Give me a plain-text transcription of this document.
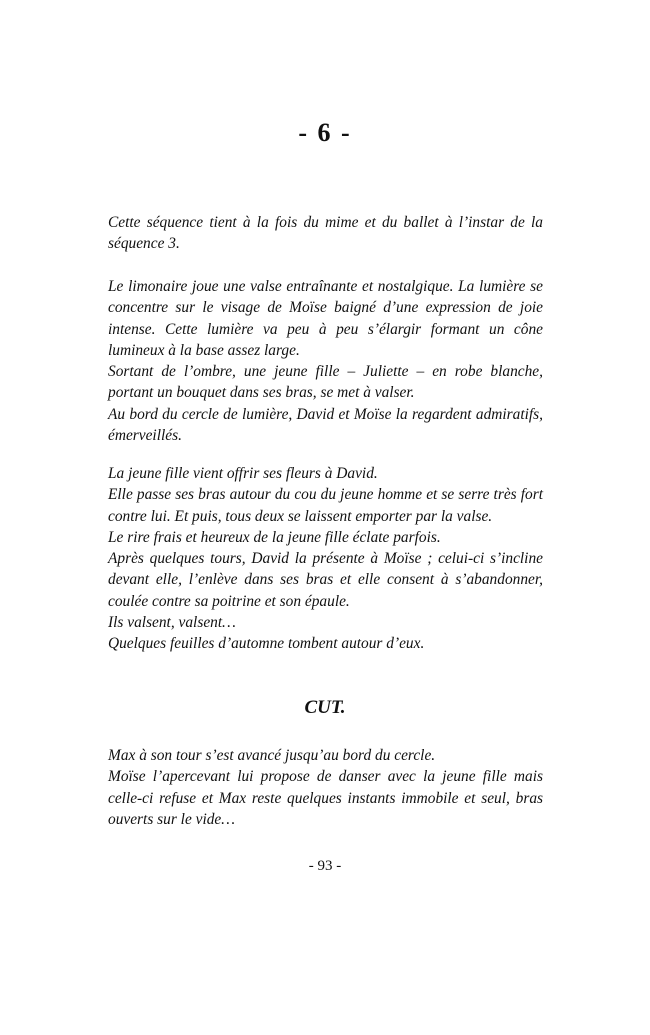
- 6 -

Cette séquence tient à la fois du mime et du ballet à l’instar de la séquence 3.

Le limonaire joue une valse entraînante et nostalgique. La lumière se concentre sur le visage de Moïse baigné d’une expression de joie intense. Cette lumière va peu à peu s’élargir formant un cône lumineux à la base assez large.

Sortant de l’ombre, une jeune fille – Juliette – en robe blanche, portant un bouquet dans ses bras, se met à valser.

Au bord du cercle de lumière, David et Moïse la regardent admiratifs, émerveillés.

La jeune fille vient offrir ses fleurs à David.

Elle passe ses bras autour du cou du jeune homme et se serre très fort contre lui. Et puis, tous deux se laissent emporter par la valse.

Le rire frais et heureux de la jeune fille éclate parfois.

Après quelques tours, David la présente à Moïse ; celui-ci s’incline devant elle, l’enlève dans ses bras et elle consent à s’abandonner, coulée contre sa poitrine et son épaule.

Ils valsent, valsent…

Quelques feuilles d’automne tombent autour d’eux.

CUT.

Max à son tour s’est avancé jusqu’au bord du cercle.

Moïse l’apercevant lui propose de danser avec la jeune fille mais celle-ci refuse et Max reste quelques instants immobile et seul, bras ouverts sur le vide…

- 93 -
